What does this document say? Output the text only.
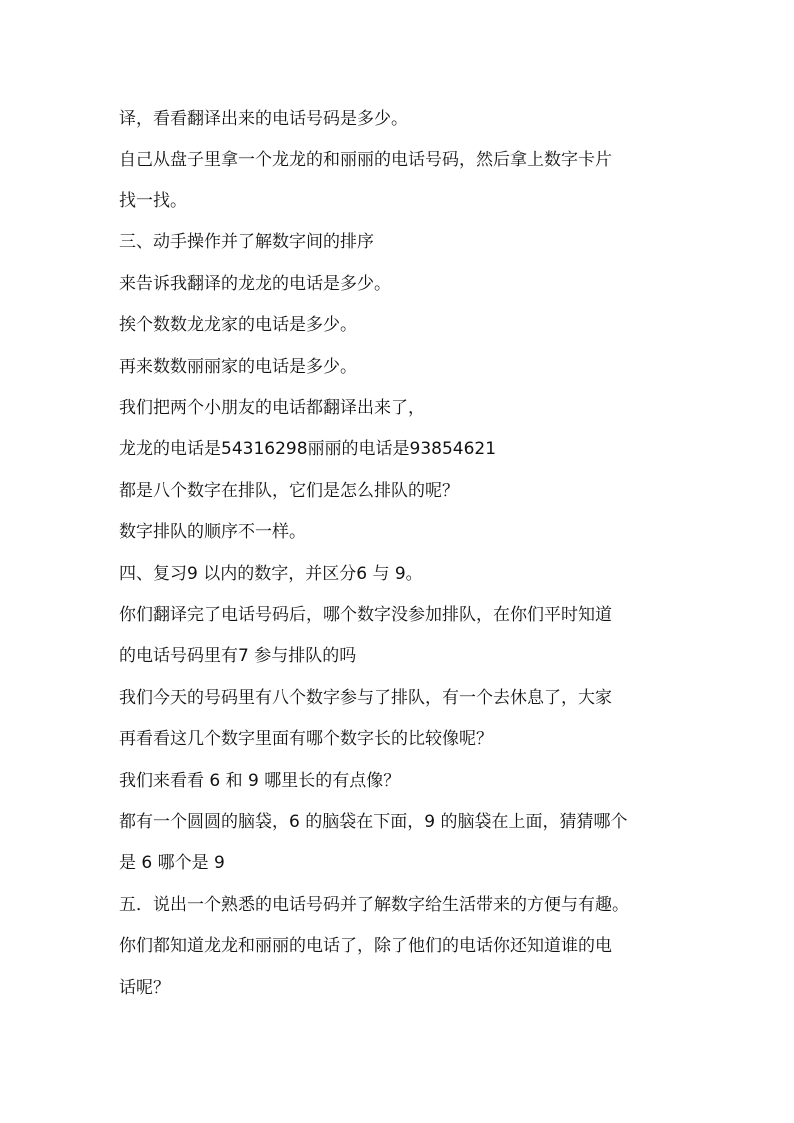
译，看看翻译出来的电话号码是多少。
自己从盘子里拿一个龙龙的和丽丽的电话号码，然后拿上数字卡片
找一找。
三、动手操作并了解数字间的排序
来告诉我翻译的龙龙的电话是多少。
挨个数数龙龙家的电话是多少。
再来数数丽丽家的电话是多少。
我们把两个小朋友的电话都翻译出来了，
龙龙的电话是54316298丽丽的电话是93854621
都是八个数字在排队，它们是怎么排队的呢？
数字排队的顺序不一样。
四、复习9 以内的数字，并区分6 与 9。
你们翻译完了电话号码后，哪个数字没参加排队，在你们平时知道
的电话号码里有7 参与排队的吗
我们今天的号码里有八个数字参与了排队，有一个去休息了，大家
再看看这几个数字里面有哪个数字长的比较像呢？
我们来看看 6 和 9 哪里长的有点像？
都有一个圆圆的脑袋，6 的脑袋在下面，9 的脑袋在上面，猜猜哪个
是 6 哪个是 9
五．说出一个熟悉的电话号码并了解数字给生活带来的方便与有趣。
你们都知道龙龙和丽丽的电话了，除了他们的电话你还知道谁的电
话呢？
